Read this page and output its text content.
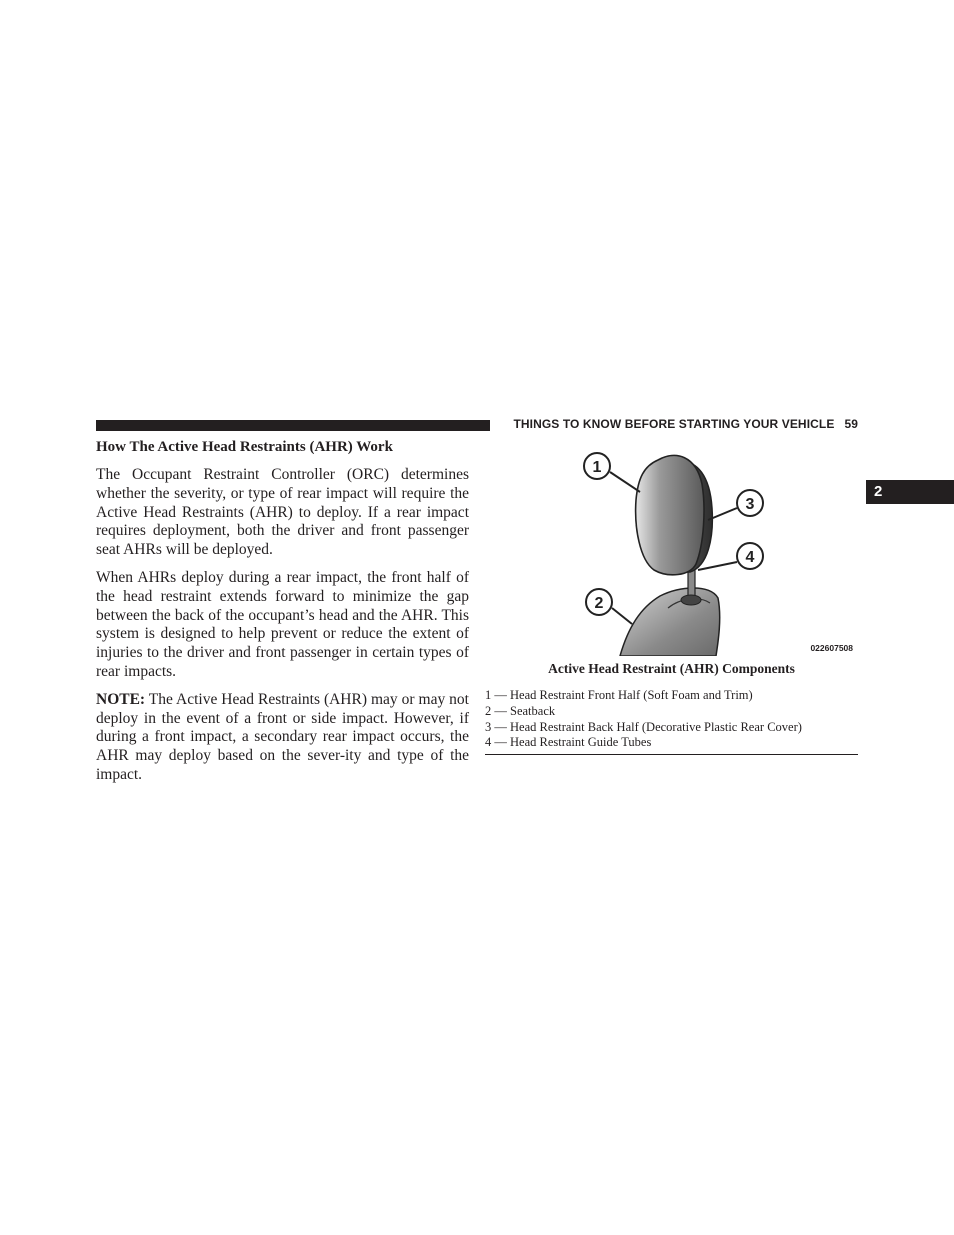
THINGS TO KNOW BEFORE STARTING YOUR VEHICLE 59
2
How The Active Head Restraints (AHR) Work

The Occupant Restraint Controller (ORC) determines whether the severity, or type of rear impact will require the Active Head Restraints (AHR) to deploy. If a rear impact requires deployment, both the driver and front passenger seat AHRs will be deployed.

When AHRs deploy during a rear impact, the front half of the head restraint extends forward to minimize the gap between the back of the occupant’s head and the AHR. This system is designed to help prevent or reduce the extent of injuries to the driver and front passenger in certain types of rear impacts.

NOTE: The Active Head Restraints (AHR) may or may not deploy in the event of a front or side impact. However, if during a front impact, a secondary rear impact occurs, the AHR may deploy based on the sever-ity and type of the impact.

1
2
3
4
022607508
Active Head Restraint (AHR) Components
1 — Head Restraint Front Half (Soft Foam and Trim)
2 — Seatback
3 — Head Restraint Back Half (Decorative Plastic Rear Cover)
4 — Head Restraint Guide Tubes
